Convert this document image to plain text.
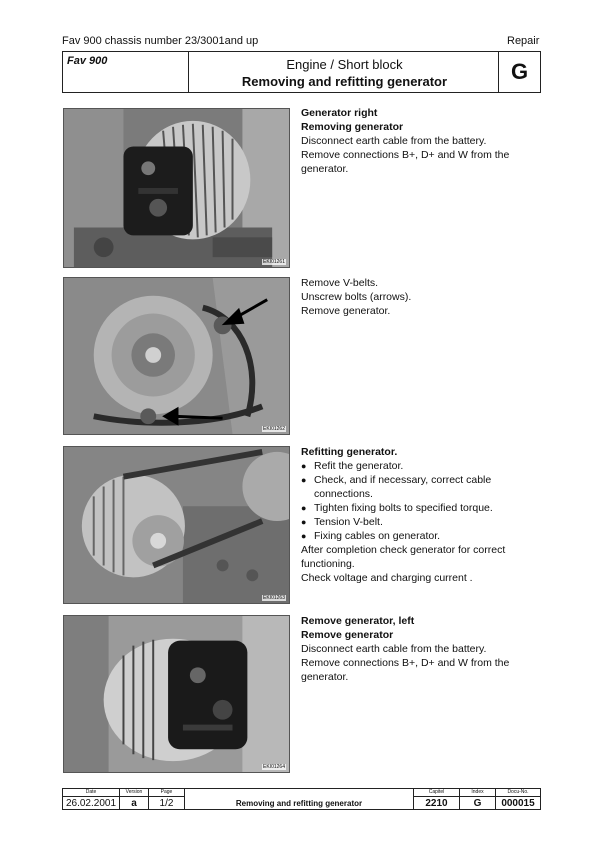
Fav 900 chassis number 23/3001and up	Repair
Fav 900	Engine / Short block
Removing and refitting generator	G
EKI01261
EKI01262
EKI01263
EKI01264

Generator right

Removing generator

Disconnect earth cable from the battery.

Remove connections B+, D+ and W from the generator.

Remove V-belts.

Unscrew bolts (arrows).

Remove generator.

Refitting generator.

● Refit the generator.
● Check, and if necessary, correct cable connections.
● Tighten fixing bolts to specified torque.
● Tension V-belt.
● Fixing cables on generator.

After completion check generator for correct functioning.

Check voltage and charging current .

Remove generator, left

Remove generator

Disconnect earth cable from the battery.

Remove connections B+, D+ and W from the generator.

Date
26.02.2001
Version
a
Page
1/2	Removing and refitting generator
Capitel
2210
Index
G
Docu-No.
000015
